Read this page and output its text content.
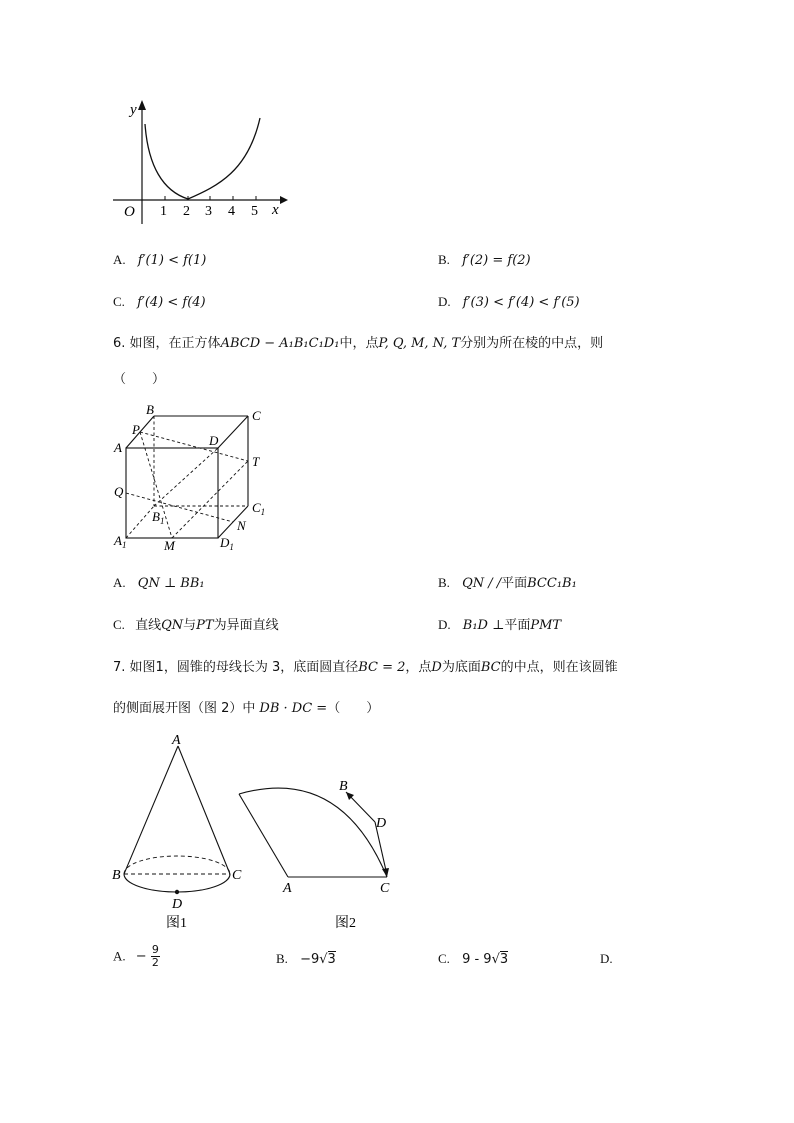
y
x
O 1 2 3 4 5
A. f′(1) < f(1)	B. f′(2) = f(2)
C. f′(4) < f(4)	D. f′(3) < f′(4) < f′(5)
6. 如图，在正方体ABCD − A₁B₁C₁D₁中，点P, Q, M, N, T分别为所在棱的中点，则
（　　）
B	C
P
D
A
T
Q
$C_1$
$B_1$	N
$A_1$	M	$D_1$
A. QN ⊥ BB₁	B. QN / /平面BCC₁B₁
C. 直线QN与PT为异面直线	D. B₁D ⊥平面PMT
7. 如图1，圆锥的母线长为 3，底面圆直径BC = 2，点D为底面BC的中点，则在该圆锥
的侧面展开图（图 2）中 DB · DC =（　　）
A
B	C
D
图1
B
D
A	C
图2
A. − $\frac{9}{2}$	B. −9√3	C. 9 - 9√3	D.
